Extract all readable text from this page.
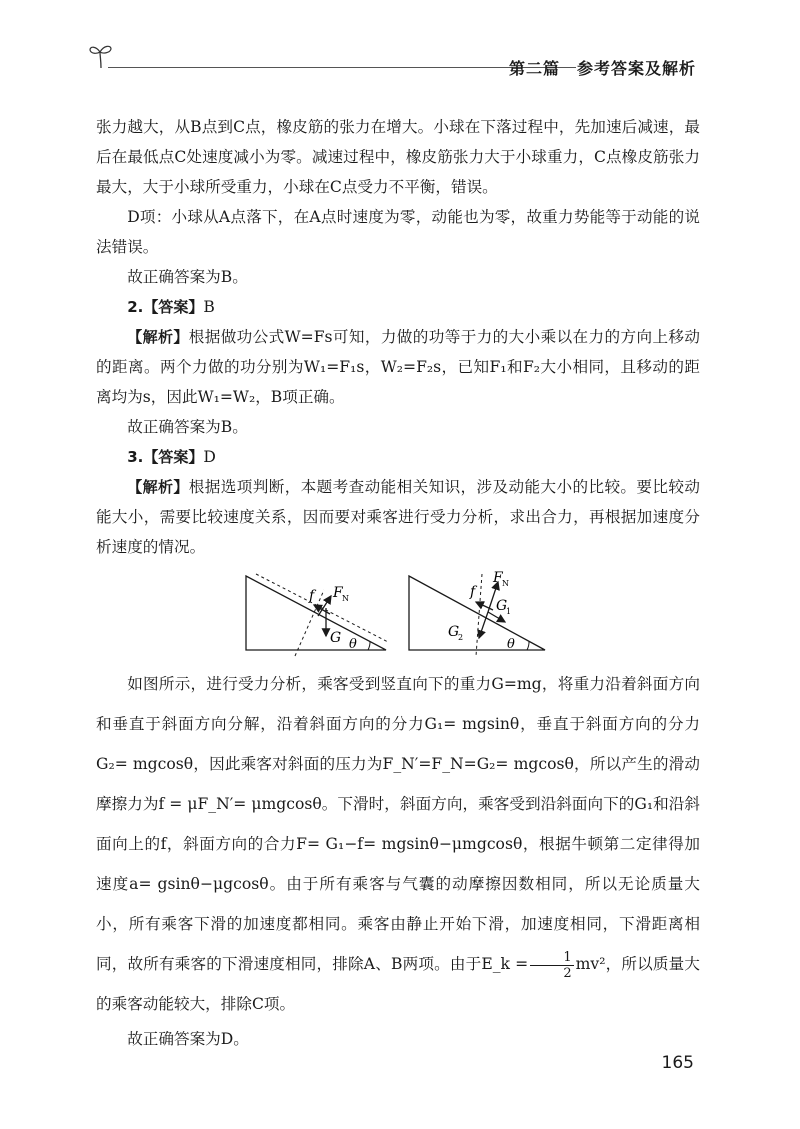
第二篇　参考答案及解析

张力越大，从B点到C点，橡皮筋的张力在增大。小球在下落过程中，先加速后减速，最后在最低点C处速度减小为零。减速过程中，橡皮筋张力大于小球重力，C点橡皮筋张力最大，大于小球所受重力，小球在C点受力不平衡，错误。

D项：小球从A点落下，在A点时速度为零，动能也为零，故重力势能等于动能的说法错误。

故正确答案为B。

2.【答案】B

【解析】根据做功公式W=Fs可知，力做的功等于力的大小乘以在力的方向上移动的距离。两个力做的功分别为W₁=F₁s，W₂=F₂s，已知F₁和F₂大小相同，且移动的距离均为s，因此W₁=W₂，B项正确。

故正确答案为B。

3.【答案】D

【解析】根据选项判断，本题考查动能相关知识，涉及动能大小的比较。要比较动能大小，需要比较速度关系，因而要对乘客进行受力分析，求出合力，再根据加速度分析速度的情况。

f F N
G θ
f
F N
G
1
G
2	θ

如图所示，进行受力分析，乘客受到竖直向下的重力G=mg，将重力沿着斜面方向和垂直于斜面方向分解，沿着斜面方向的分力G₁= mgsinθ，垂直于斜面方向的分力G₂= mgcosθ，因此乘客对斜面的压力为F_N′=F_N=G₂= mgcosθ，所以产生的滑动摩擦力为f = μF_N′= μmgcosθ。下滑时，斜面方向，乘客受到沿斜面向下的G₁和沿斜面向上的f，斜面方向的合力F= G₁−f= mgsinθ−μmgcosθ，根据牛顿第二定律得加速度a= gsinθ−μgcosθ。由于所有乘客与气囊的动摩擦因数相同，所以无论质量大小，所有乘客下滑的加速度都相同。乘客由静止开始下滑，加速度相同，下滑距离相同，故所有乘客的下滑速度相同，排除A、B两项。由于E_k = $\frac{1}{2} mv^2$，所以质量大的乘客动能较大，排除C项。

故正确答案为D。

165
